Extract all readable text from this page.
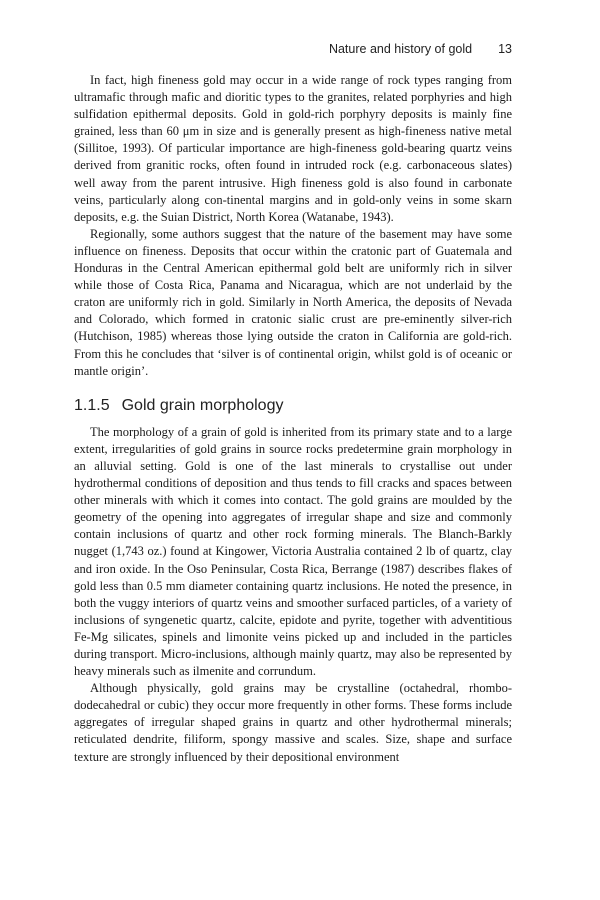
Nature and history of gold 13

In fact, high fineness gold may occur in a wide range of rock types ranging from ultramafic through mafic and dioritic types to the granites, related porphyries and high sulfidation epithermal deposits. Gold in gold-rich porphyry deposits is mainly fine grained, less than 60 μm in size and is generally present as high-fineness native metal (Sillitoe, 1993). Of particular importance are high-fineness gold-bearing quartz veins derived from granitic rocks, often found in intruded rock (e.g. carbonaceous slates) well away from the parent intrusive. High fineness gold is also found in carbonate veins, particularly along con-tinental margins and in gold-only veins in some skarn deposits, e.g. the Suian District, North Korea (Watanabe, 1943).

Regionally, some authors suggest that the nature of the basement may have some influence on fineness. Deposits that occur within the cratonic part of Guatemala and Honduras in the Central American epithermal gold belt are uniformly rich in silver while those of Costa Rica, Panama and Nicaragua, which are not underlaid by the craton are uniformly rich in gold. Similarly in North America, the deposits of Nevada and Colorado, which formed in cratonic sialic crust are pre-eminently silver-rich (Hutchison, 1985) whereas those lying outside the craton in California are gold-rich. From this he concludes that ‘silver is of continental origin, whilst gold is of oceanic or mantle origin’.

1.1.5 Gold grain morphology

The morphology of a grain of gold is inherited from its primary state and to a large extent, irregularities of gold grains in source rocks predetermine grain morphology in an alluvial setting. Gold is one of the last minerals to crystallise out under hydrothermal conditions of deposition and thus tends to fill cracks and spaces between other minerals with which it comes into contact. The gold grains are moulded by the geometry of the opening into aggregates of irregular shape and size and commonly contain inclusions of quartz and other rock forming minerals. The Blanch-Barkly nugget (1,743 oz.) found at Kingower, Victoria Australia contained 2 lb of quartz, clay and iron oxide. In the Oso Peninsular, Costa Rica, Berrange (1987) describes flakes of gold less than 0.5 mm diameter containing quartz inclusions. He noted the presence, in both the vuggy interiors of quartz veins and smoother surfaced particles, of a variety of inclusions of syngenetic quartz, calcite, epidote and pyrite, together with adventitious Fe-Mg silicates, spinels and limonite veins picked up and included in the particles during transport. Micro-inclusions, although mainly quartz, may also be represented by heavy minerals such as ilmenite and corrundum.

Although physically, gold grains may be crystalline (octahedral, rhombo-dodecahedral or cubic) they occur more frequently in other forms. These forms include aggregates of irregular shaped grains in quartz and other hydrothermal minerals; reticulated dendrite, filiform, spongy massive and scales. Size, shape and surface texture are strongly influenced by their depositional environment
